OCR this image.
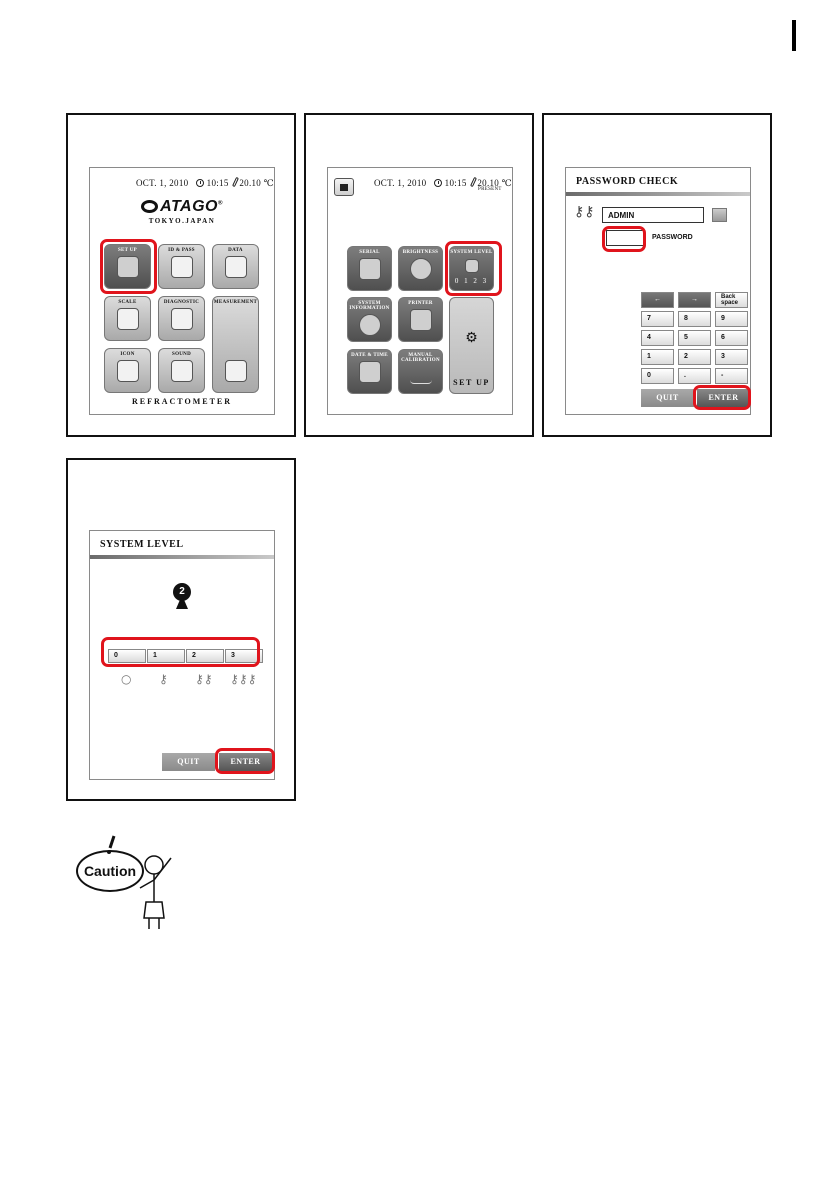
OCT. 1, 2010 10:15 20.10 ℃
ATAGO®
TOKYO.JAPAN
SET UP	ID & PASS	DATA
SCALE	DIAGNOSTIC	MEASUREMENT
ICON	SOUND
REFRACTOMETER
OCT. 1, 2010 10:15 20.10 ℃
PRESENT
SERIAL	BRIGHTNESS	SYSTEM LEVEL
0 1 2 3
SYSTEM INFORMATION
PRINTER
⚙
SET UP
DATE & TIME	MANUAL CALIBRATION
PASSWORD CHECK
⚷⚷	ADMIN
PASSWORD
←	→	Back space
7	8	9
4	5	6
1	2	3
0	.	-
QUIT	ENTER
SYSTEM LEVEL
2
0	1	2	3
○ ⚷ ⚷⚷ ⚷⚷⚷
QUIT	ENTER
Caution
